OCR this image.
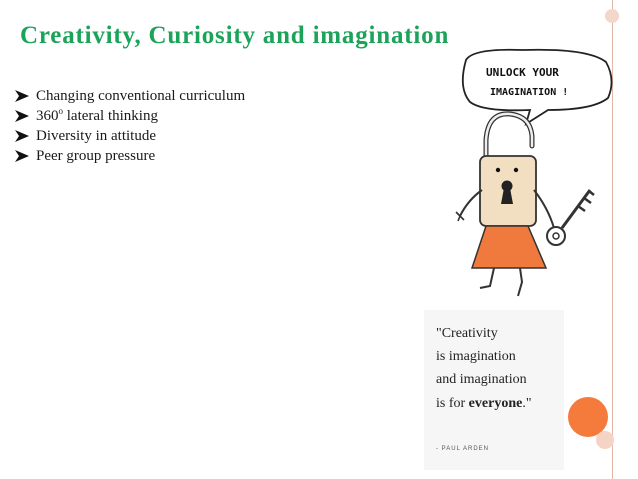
Creativity, Curiosity and imagination
Changing conventional curriculum
360$^o$ lateral thinking
Diversity in attitude
Peer group pressure
UNLOCK YOUR
IMAGINATION !
"Creativity
is imagination
and imagination
is for everyone."
- PAUL ARDEN
